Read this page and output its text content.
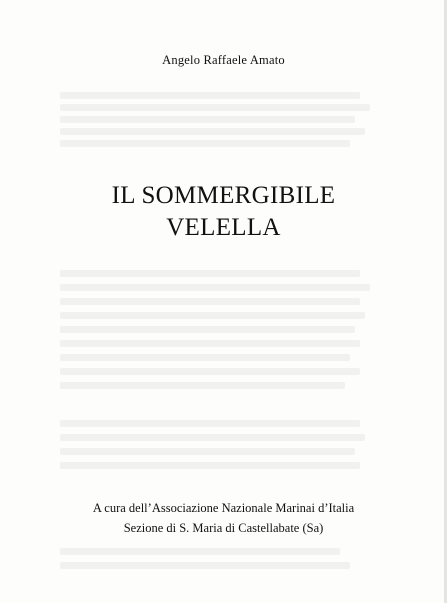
Angelo Raffaele Amato
IL SOMMERGIBILE
VELELLA
A cura dell’Associazione Nazionale Marinai d’Italia
Sezione di S. Maria di Castellabate (Sa)
